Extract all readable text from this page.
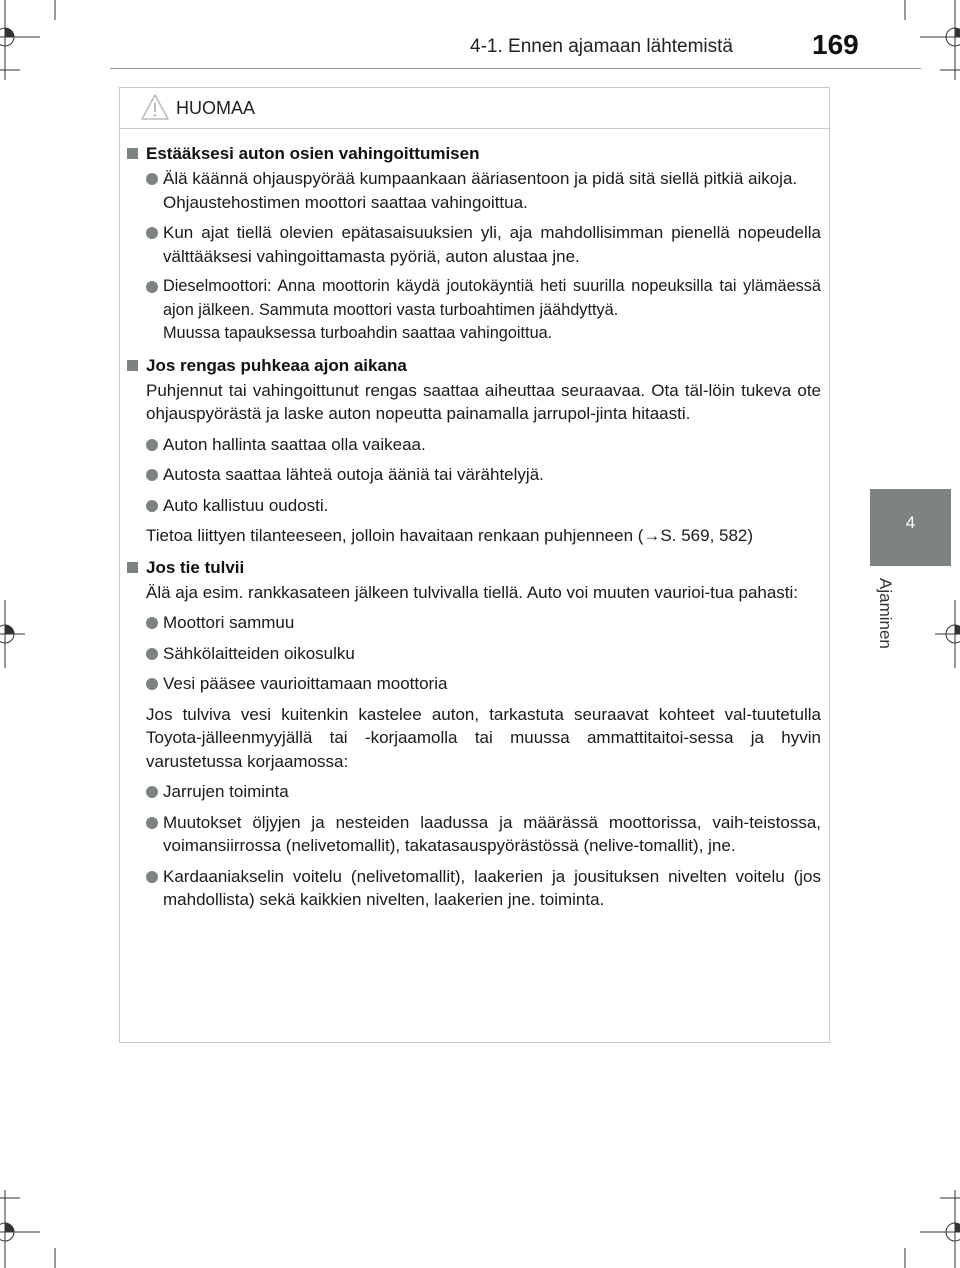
4-1. Ennen ajamaan lähtemistä	169
4
Ajaminen
HUOMAA
Estääksesi auton osien vahingoittumisen
Älä käännä ohjauspyörää kumpaankaan ääriasentoon ja pidä sitä siellä pitkiä aikoja.
Ohjaustehostimen moottori saattaa vahingoittua.
Kun ajat tiellä olevien epätasaisuuksien yli, aja mahdollisimman pienellä nopeudella välttääksesi vahingoittamasta pyöriä, auton alustaa jne.
Dieselmoottori: Anna moottorin käydä joutokäyntiä heti suurilla nopeuksilla tai ylämäessä ajon jälkeen. Sammuta moottori vasta turboahtimen jäähdyttyä.
Muussa tapauksessa turboahdin saattaa vahingoittua.
Jos rengas puhkeaa ajon aikana
Puhjennut tai vahingoittunut rengas saattaa aiheuttaa seuraavaa. Ota täl-löin tukeva ote ohjauspyörästä ja laske auton nopeutta painamalla jarrupol-jinta hitaasti.
Auton hallinta saattaa olla vaikeaa.
Autosta saattaa lähteä outoja ääniä tai värähtelyjä.
Auto kallistuu oudosti.
Tietoa liittyen tilanteeseen, jolloin havaitaan renkaan puhjenneen (→S. 569, 582)
Jos tie tulvii
Älä aja esim. rankkasateen jälkeen tulvivalla tiellä. Auto voi muuten vaurioi-tua pahasti:
Moottori sammuu
Sähkölaitteiden oikosulku
Vesi pääsee vaurioittamaan moottoria
Jos tulviva vesi kuitenkin kastelee auton, tarkastuta seuraavat kohteet val-tuutetulla Toyota-jälleenmyyjällä tai -korjaamolla tai muussa ammattitaitoi-sessa ja hyvin varustetussa korjaamossa:
Jarrujen toiminta
Muutokset öljyjen ja nesteiden laadussa ja määrässä moottorissa, vaih-teistossa, voimansiirrossa (nelivetomallit), takatasauspyörästössä (nelive-tomallit), jne.
Kardaaniakselin voitelu (nelivetomallit), laakerien ja jousituksen nivelten voitelu (jos mahdollista) sekä kaikkien nivelten, laakerien jne. toiminta.
